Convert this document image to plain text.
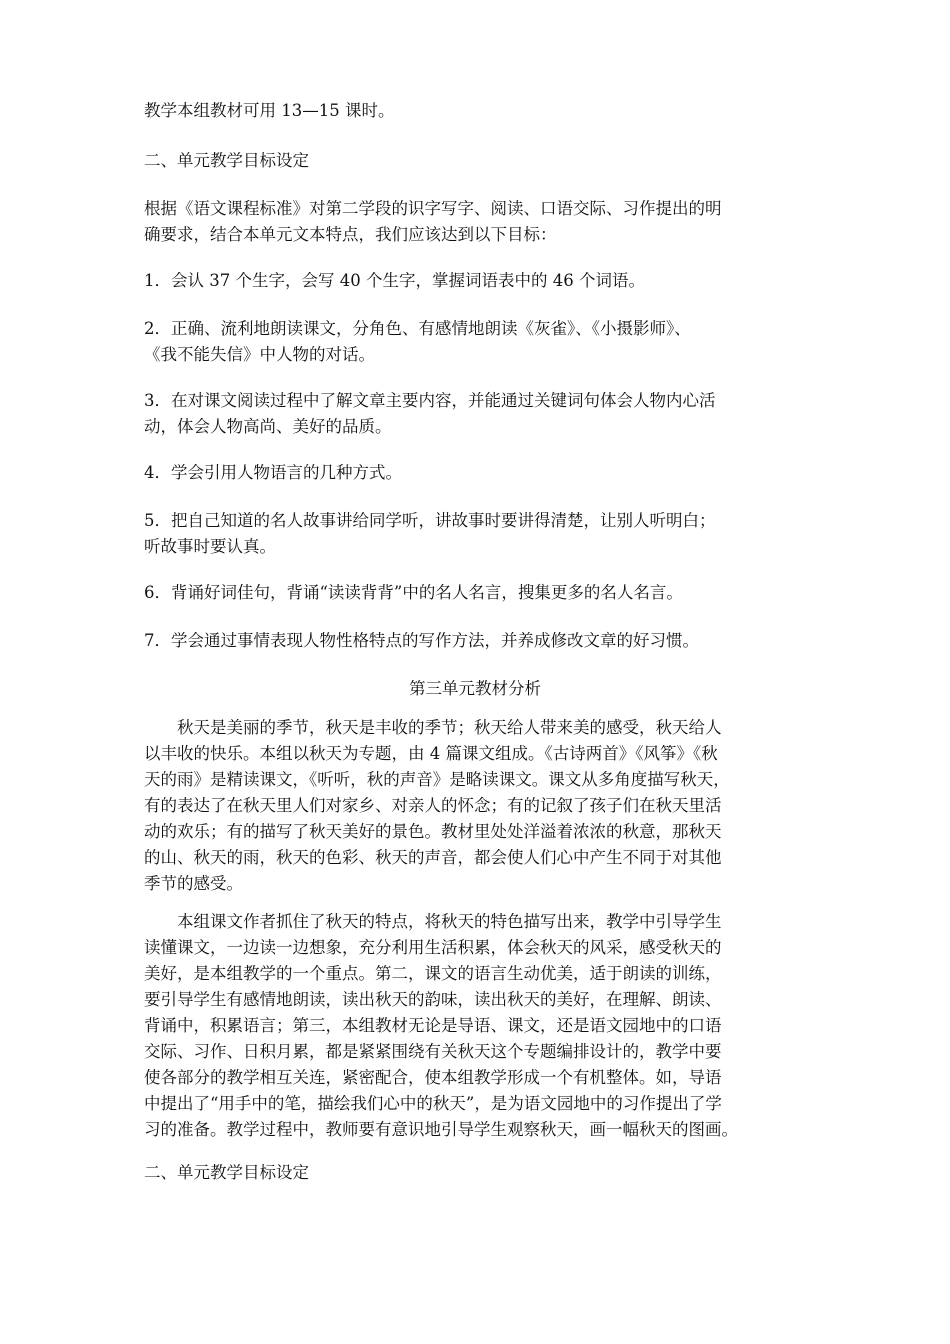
教学本组教材可用 13—15 课时。

二、单元教学目标设定

根据《语文课程标准》对第二学段的识字写字、阅读、口语交际、习作提出的明
确要求，结合本单元文本特点，我们应该达到以下目标：

1．会认 37 个生字，会写 40 个生字，掌握词语表中的 46 个词语。

2．正确、流利地朗读课文，分角色、有感情地朗读《灰雀》、《小摄影师》、
《我不能失信》中人物的对话。

3．在对课文阅读过程中了解文章主要内容，并能通过关键词句体会人物内心活
动，体会人物高尚、美好的品质。

4．学会引用人物语言的几种方式。

5．把自己知道的名人故事讲给同学听，讲故事时要讲得清楚，让别人听明白；
听故事时要认真。

6．背诵好词佳句，背诵“读读背背”中的名人名言，搜集更多的名人名言。

7．学会通过事情表现人物性格特点的写作方法，并养成修改文章的好习惯。

第三单元教材分析

秋天是美丽的季节，秋天是丰收的季节；秋天给人带来美的感受，秋天给人
以丰收的快乐。本组以秋天为专题，由 4 篇课文组成。《古诗两首》《风筝》《秋
天的雨》是精读课文，《听听，秋的声音》是略读课文。课文从多角度描写秋天，
有的表达了在秋天里人们对家乡、对亲人的怀念；有的记叙了孩子们在秋天里活
动的欢乐；有的描写了秋天美好的景色。教材里处处洋溢着浓浓的秋意，那秋天
的山、秋天的雨，秋天的色彩、秋天的声音，都会使人们心中产生不同于对其他
季节的感受。

本组课文作者抓住了秋天的特点，将秋天的特色描写出来，教学中引导学生
读懂课文，一边读一边想象，充分利用生活积累，体会秋天的风采，感受秋天的
美好，是本组教学的一个重点。第二，课文的语言生动优美，适于朗读的训练，
要引导学生有感情地朗读，读出秋天的韵味，读出秋天的美好，在理解、朗读、
背诵中，积累语言；第三，本组教材无论是导语、课文，还是语文园地中的口语
交际、习作、日积月累，都是紧紧围绕有关秋天这个专题编排设计的，教学中要
使各部分的教学相互关连，紧密配合，使本组教学形成一个有机整体。如，导语
中提出了“用手中的笔，描绘我们心中的秋天”，是为语文园地中的习作提出了学
习的准备。教学过程中，教师要有意识地引导学生观察秋天，画一幅秋天的图画。

二、单元教学目标设定
